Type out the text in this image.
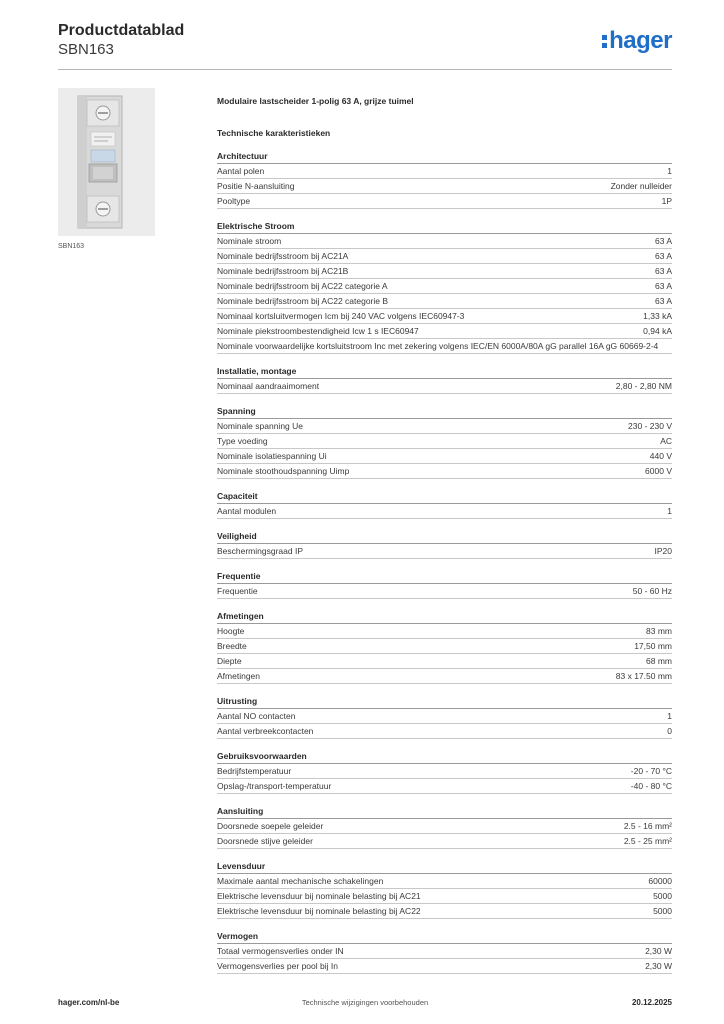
Productdatablad
SBN163	hager
SBN163
Modulaire lastscheider 1-polig 63 A, grijze tuimel
Technische karakteristieken
Architectuur
Aantal polen	1
Positie N-aansluiting	Zonder nulleider
Pooltype	1P
Elektrische Stroom
Nominale stroom	63 A
Nominale bedrijfsstroom bij AC21A	63 A
Nominale bedrijfsstroom bij AC21B	63 A
Nominale bedrijfsstroom bij AC22 categorie A	63 A
Nominale bedrijfsstroom bij AC22 categorie B	63 A
Nominaal kortsluitvermogen Icm bij 240 VAC volgens IEC60947-3	1,33 kA
Nominale piekstroombestendigheid Icw 1 s IEC60947	0,94 kA
Nominale voorwaardelijke kortsluitstroom Inc met zekering volgens IEC/EN 6000A/80A gG parallel 16A gG 60669-2-4
Installatie, montage
Nominaal aandraaimoment	2,80 - 2,80 NM
Spanning
Nominale spanning Ue	230 - 230 V
Type voeding	AC
Nominale isolatiespanning Ui	440 V
Nominale stoothoudspanning Uimp	6000 V
Capaciteit
Aantal modulen	1
Veiligheid
Beschermingsgraad IP	IP20
Frequentie
Frequentie	50 - 60 Hz
Afmetingen
Hoogte	83 mm
Breedte	17,50 mm
Diepte	68 mm
Afmetingen	83 x 17.50 mm
Uitrusting
Aantal NO contacten	1
Aantal verbreekcontacten	0
Gebruiksvoorwaarden
Bedrijfstemperatuur	-20 - 70 °C
Opslag-/transport-temperatuur	-40 - 80 °C
Aansluiting
Doorsnede soepele geleider	2.5 - 16 mm²
Doorsnede stijve geleider	2.5 - 25 mm²
Levensduur
Maximale aantal mechanische schakelingen	60000
Elektrische levensduur bij nominale belasting bij AC21	5000
Elektrische levensduur bij nominale belasting bij AC22	5000
Vermogen
Totaal vermogensverlies onder IN	2,30 W
Vermogensverlies per pool bij In	2,30 W
hager.com/nl-be	Technische wijzigingen voorbehouden	20.12.2025
